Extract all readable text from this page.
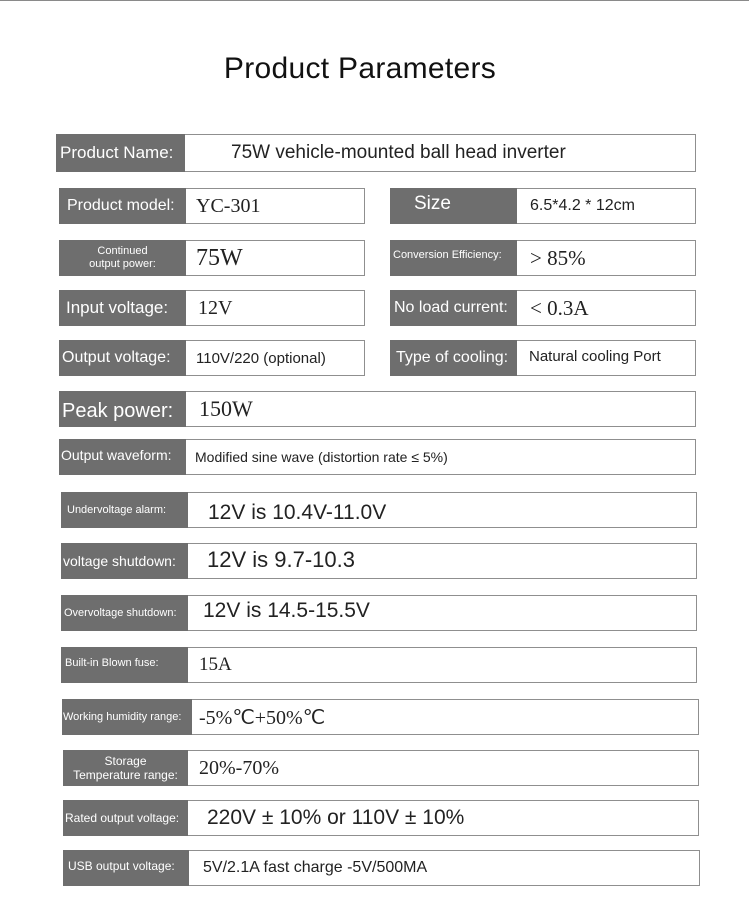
Product Parameters
Product Name:	75W vehicle-mounted ball head inverter
Product model:	YC-301	Size	6.5*4.2 * 12cm
Continued
output power:	75W	Conversion Efficiency:	> 85%
Input voltage:	12V	No load current:	< 0.3A
Output voltage:	110V/220 (optional)	Type of cooling:	Natural cooling Port
Peak power:	150W
Output waveform:	Modified sine wave (distortion rate ≤ 5%)
Undervoltage alarm:	12V is 10.4V-11.0V
voltage shutdown:	12V is 9.7-10.3
Overvoltage shutdown:	12V is 14.5-15.5V
Built-in Blown fuse:	15A
Working humidity range: -5%℃+50%℃
Storage
Temperature range:	20%-70%
Rated output voltage:	220V ± 10% or 110V ± 10%
USB output voltage:	5V/2.1A fast charge -5V/500MA
